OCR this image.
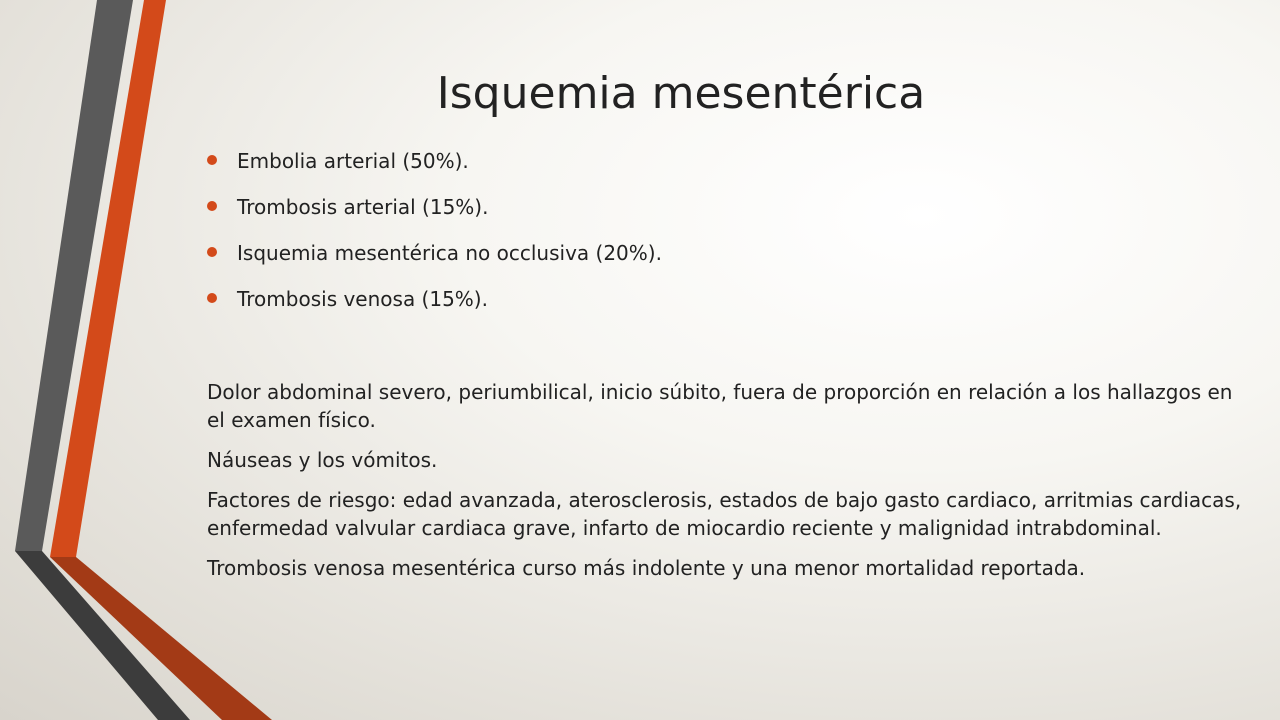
Isquemia mesentérica
Embolia arterial (50%).
Trombosis arterial (15%).
Isquemia mesentérica no occlusiva (20%).
Trombosis venosa (15%).

Dolor abdominal severo, periumbilical, inicio súbito, fuera de proporción en relación a los hallazgos en el examen físico.

Náuseas y los vómitos.

Factores de riesgo: edad avanzada, aterosclerosis, estados de bajo gasto cardiaco, arritmias cardiacas, enfermedad valvular cardiaca grave, infarto de miocardio reciente y malignidad intrabdominal.

Trombosis venosa mesentérica curso más indolente y una menor mortalidad reportada.
